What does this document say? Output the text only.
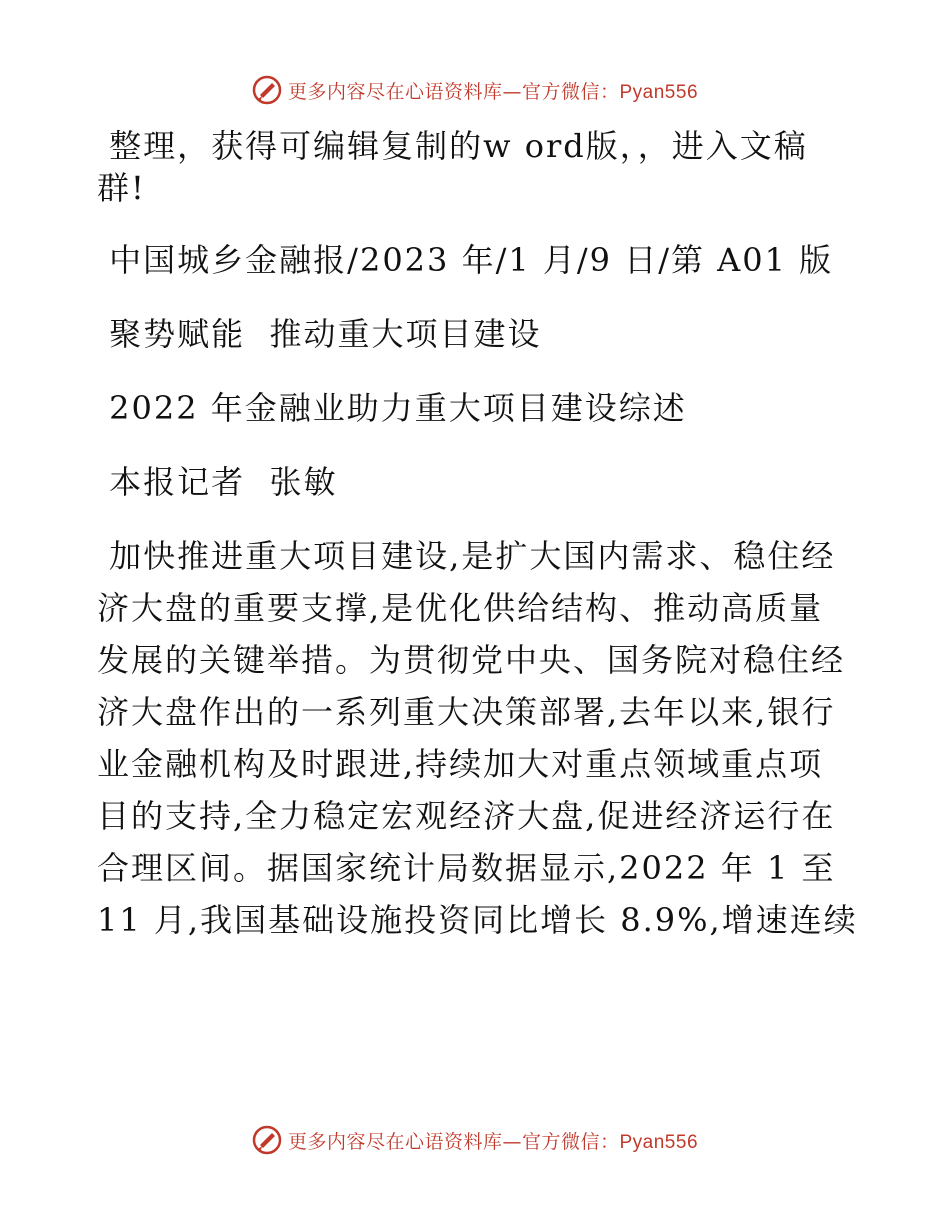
更多内容尽在心语资料库—官方微信：Pyan556
整理，获得可编辑复制的w ord版，，进入文稿
群!
中国城乡金融报/2023 年/1 月/9 日/第 A01 版
聚势赋能  推动重大项目建设
2022 年金融业助力重大项目建设综述
本报记者  张敏
加快推进重大项目建设,是扩大国内需求、稳住经
济大盘的重要支撑,是优化供给结构、推动高质量
发展的关键举措。为贯彻党中央、国务院对稳住经
济大盘作出的一系列重大决策部署,去年以来,银行
业金融机构及时跟进,持续加大对重点领域重点项
目的支持,全力稳定宏观经济大盘,促进经济运行在
合理区间。据国家统计局数据显示,2022 年 1 至
11 月,我国基础设施投资同比增长 8.9%,增速连续
更多内容尽在心语资料库—官方微信：Pyan556
